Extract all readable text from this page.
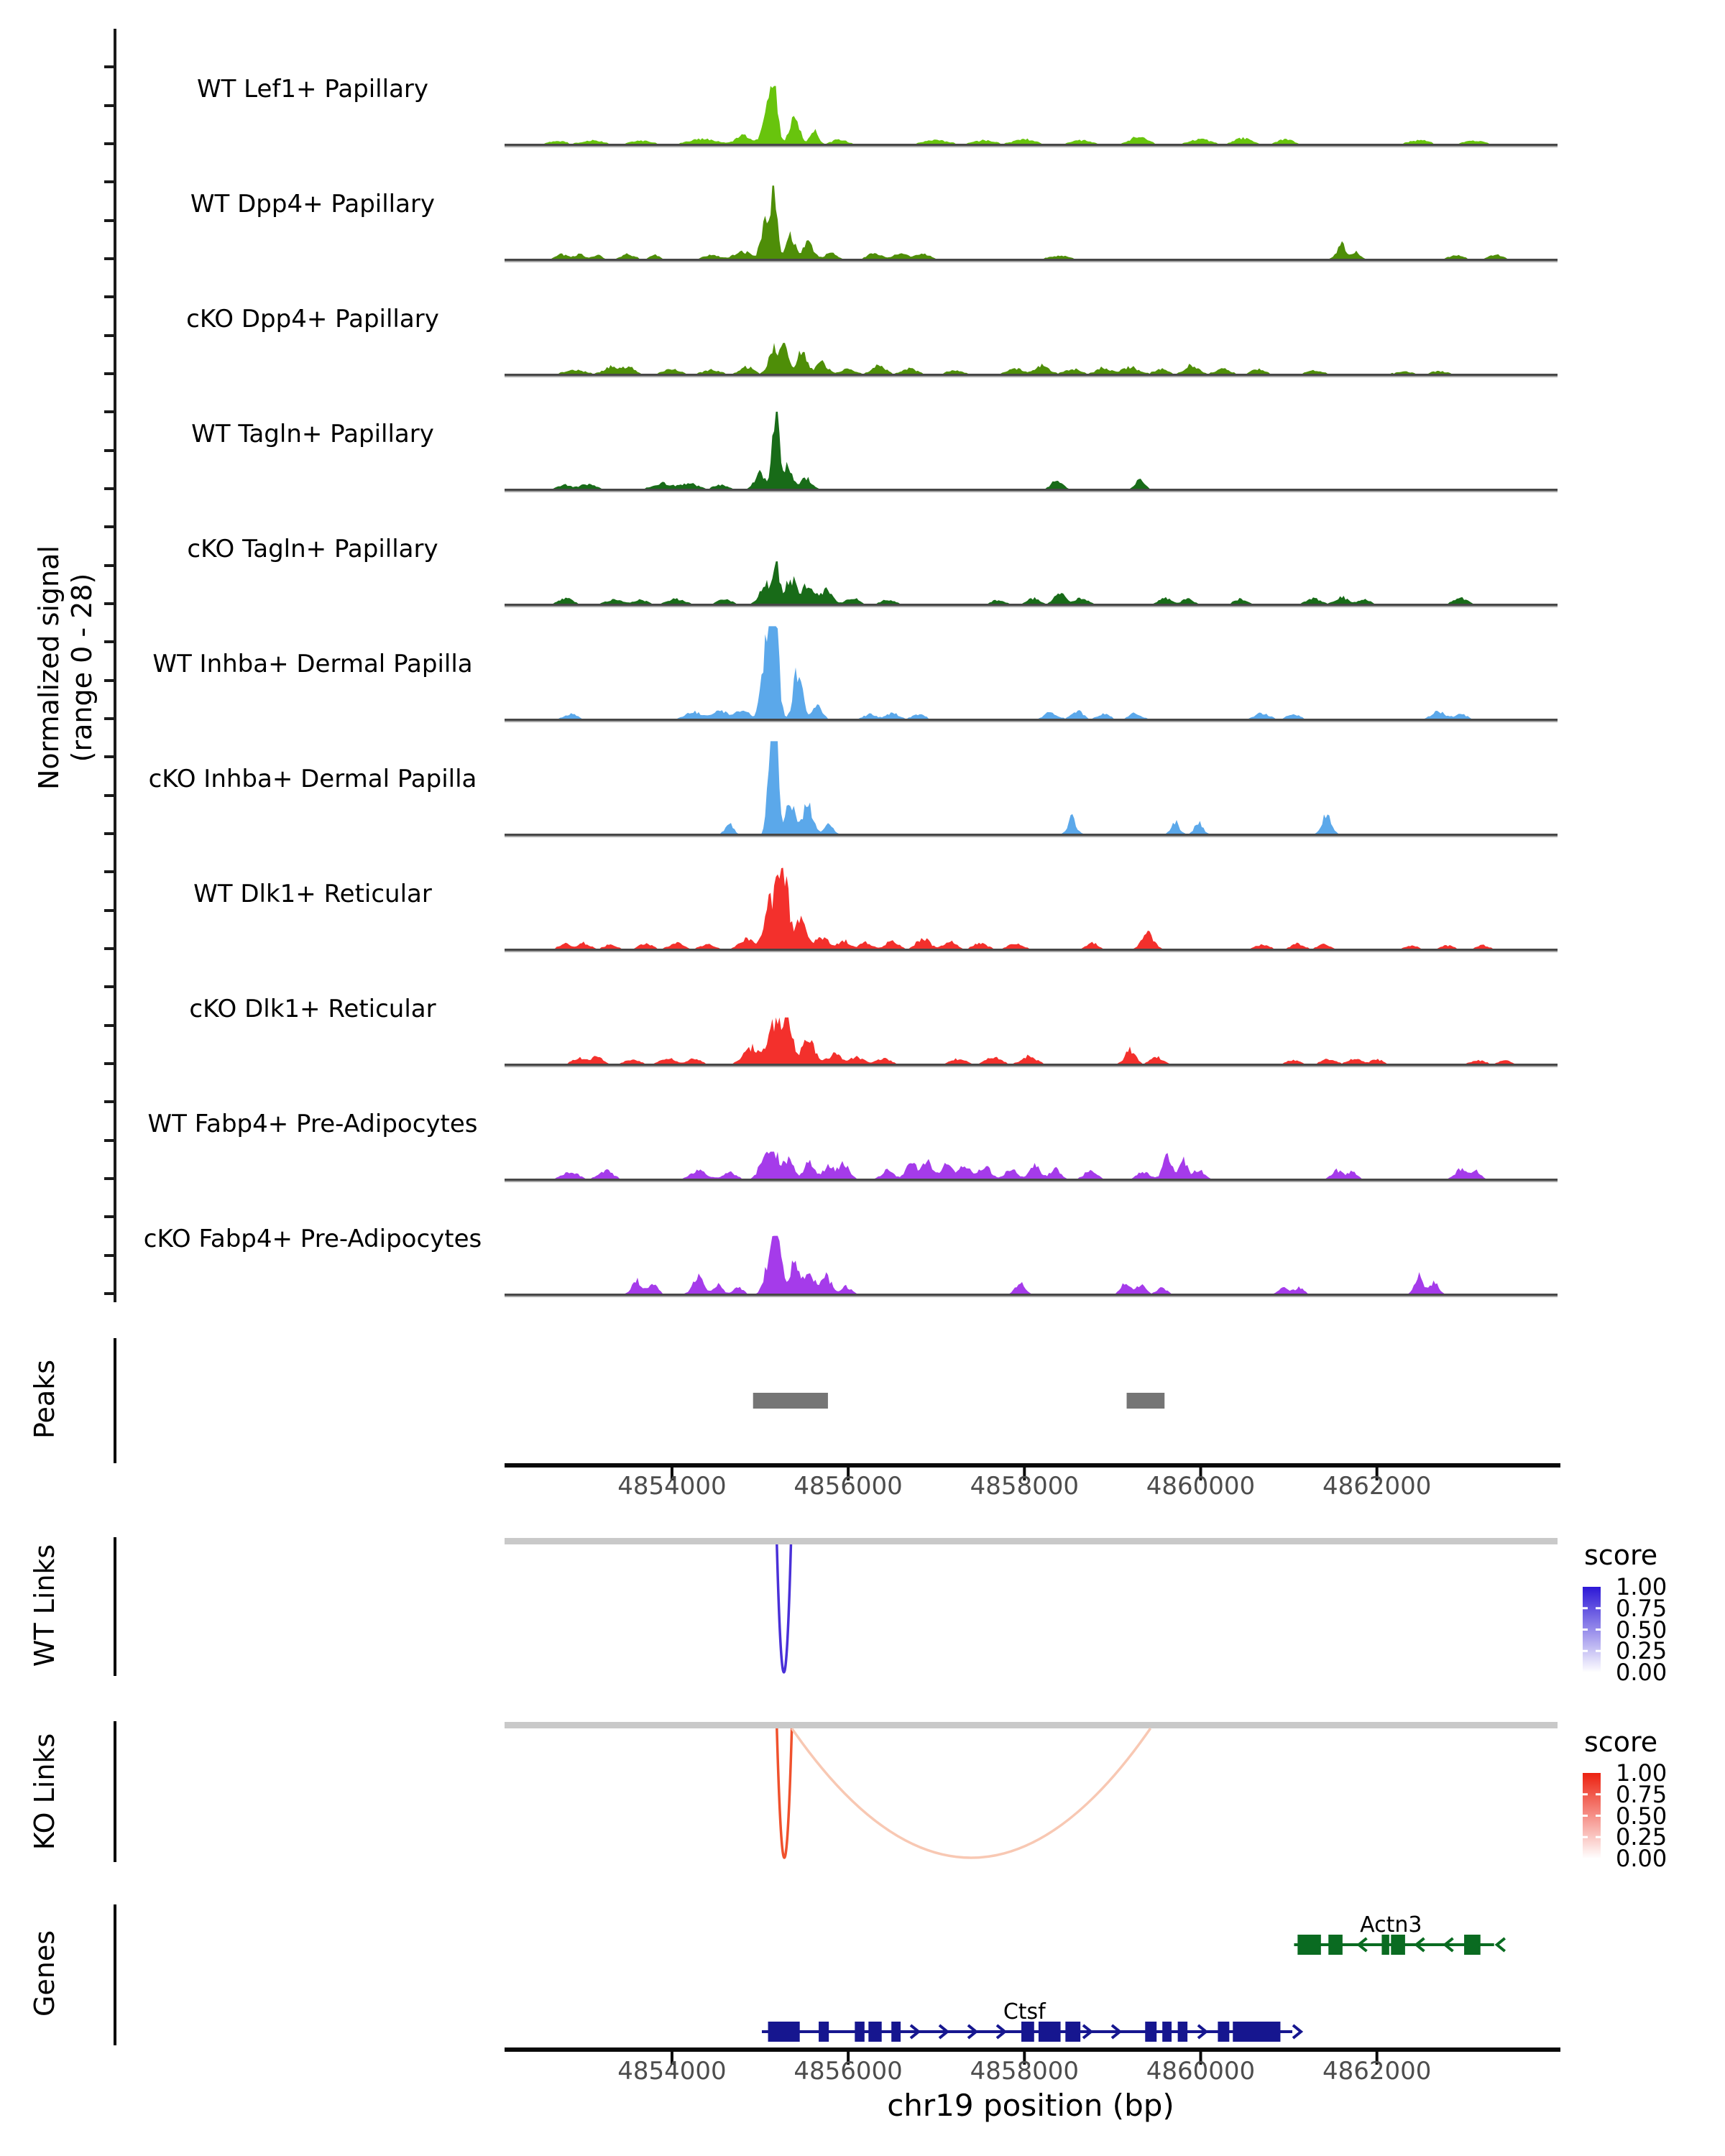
Normalized signal (range 0 - 28)
Peaks
WT Links
KO Links
Genes
score
score
chr19 position (bp)
WT Lef1+ Papillary
WT Dpp4+ Papillary
cKO Dpp4+ Papillary
WT Tagln+ Papillary
cKO Tagln+ Papillary
WT Inhba+ Dermal Papilla
cKO Inhba+ Dermal Papilla
WT Dlk1+ Reticular
cKO Dlk1+ Reticular
WT Fabp4+ Pre-Adipocytes
cKO Fabp4+ Pre-Adipocytes
4854000	4856000	4858000	4860000	4862000
1.00
0.75
0.50
0.25
0.00
1.00
0.75
0.50
0.25
0.00
Actn3
Ctsf
4854000	4856000	4858000	4860000	4862000
